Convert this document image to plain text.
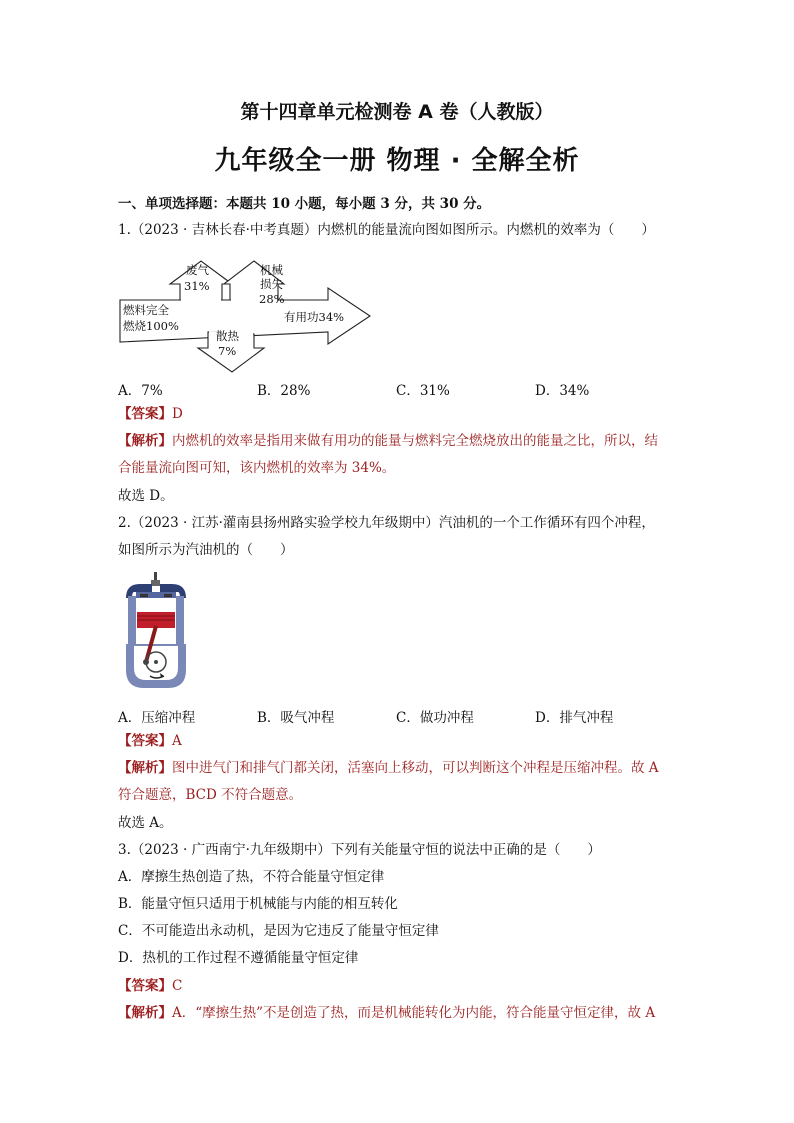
第十四章单元检测卷 A 卷（人教版）
九年级全一册 物理 · 全解全析
一、单项选择题：本题共 10 小题，每小题 3 分，共 30 分。
1.（2023 · 吉林长春·中考真题）内燃机的能量流向图如图所示。内燃机的效率为（　　）
燃料完全
燃烧100%
废气
31%
机械
损失
28%
有用功34%
散热
7%
A．7%	B．28%	C．31%	D．34%
【答案】D
【解析】内燃机的效率是指用来做有用功的能量与燃料完全燃烧放出的能量之比，所以，结
合能量流向图可知，该内燃机的效率为 34%。
故选 D。
2.（2023 · 江苏·灌南县扬州路实验学校九年级期中）汽油机的一个工作循环有四个冲程，
如图所示为汽油机的（　　）
A．压缩冲程	B．吸气冲程	C．做功冲程	D．排气冲程
【答案】A
【解析】图中进气门和排气门都关闭，活塞向上移动，可以判断这个冲程是压缩冲程。故 A
符合题意，BCD 不符合题意。
故选 A。
3.（2023 · 广西南宁·九年级期中）下列有关能量守恒的说法中正确的是（　　）
A．摩擦生热创造了热，不符合能量守恒定律
B．能量守恒只适用于机械能与内能的相互转化
C．不可能造出永动机，是因为它违反了能量守恒定律
D．热机的工作过程不遵循能量守恒定律
【答案】C
【解析】A．“摩擦生热”不是创造了热，而是机械能转化为内能，符合能量守恒定律，故 A
